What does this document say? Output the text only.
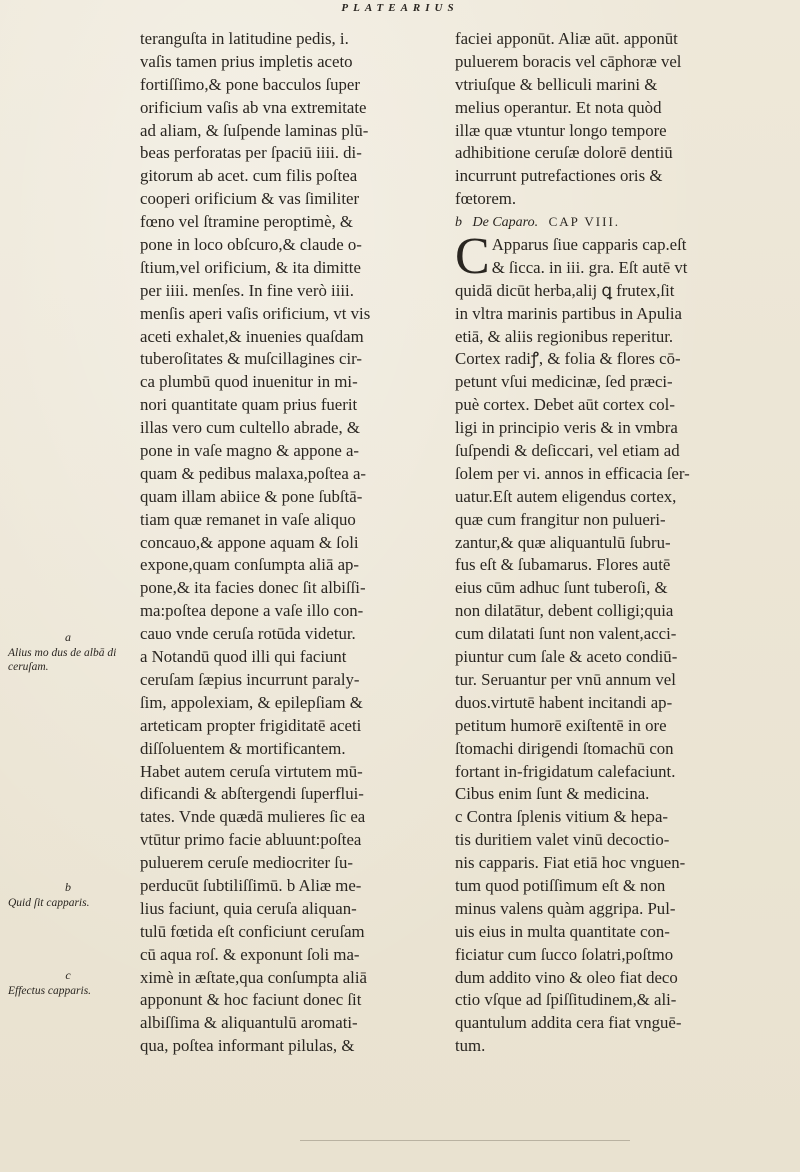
PLATEARIUS
a
Alius mo dus de albā di ceruſam.
b
Quid ſit capparis.
c
Effectus capparis.
teranguſta in latitudine pedis, i.
vaſis tamen prius impletis aceto
fortiſſimo,& pone bacculos ſuper
orificium vaſis ab vna extremitate
ad aliam, & ſuſpende laminas plū-
beas perforatas per ſpaciū iiii. di-
gitorum ab acet. cum filis poſtea
cooperi orificium & vas ſimiliter
fœno vel ſtramine peroptimè, &
pone in loco obſcuro,& claude o-
ſtium,vel orificium, & ita dimitte
per iiii. menſes. In fine verò iiii.
menſis aperi vaſis orificium, vt vis
aceti exhalet,& inuenies quaſdam
tuberoſitates & muſcillagines cir-
ca plumbū quod inuenitur in mi-
nori quantitate quam prius fuerit
illas vero cum cultello abrade, &
pone in vaſe magno & appone a-
quam & pedibus malaxa,poſtea a-
quam illam abiice & pone ſubſtā-
tiam quæ remanet in vaſe aliquo
concauo,& appone aquam & ſoli
expone,quam conſumpta aliā ap-
pone,& ita facies donec ſit albiſſi-
ma:poſtea depone a vaſe illo con-
cauo vnde ceruſa rotūda videtur.
a Notandū quod illi qui faciunt
ceruſam ſæpius incurrunt paraly-
ſim, appolexiam, & epilepſiam &
arteticam propter frigiditatē aceti
diſſoluentem & mortificantem.
Habet autem ceruſa virtutem mū-
dificandi & abſtergendi ſuperflui-
tates. Vnde quædā mulieres ſic ea
vtūtur primo facie abluunt:poſtea
puluerem ceruſe mediocriter ſu-
perducūt ſubtiliſſimū. b Aliæ me-
lius faciunt, quia ceruſa aliquan-
tulū fœtida eſt conficiunt ceruſam
cū aqua roſ. & exponunt ſoli ma-
ximè in æſtate,qua conſumpta aliā
apponunt & hoc faciunt donec ſit
albiſſima & aliquantulū aromati-
qua, poſtea informant pilulas, &
faciei apponūt. Aliæ aūt. apponūt
puluerem boracis vel cāphoræ vel
vtriuſque & belliculi marini &
melius operantur. Et nota quòd
illæ quæ vtuntur longo tempore
adhibitione ceruſæ dolorē dentiū
incurrunt putrefactiones oris &
fœtorem.
b De Caparo. CAP VIII.
C Apparus ſiue capparis cap.eſt
& ſicca. in iii. gra. Eſt autē vt
quidā dicūt herba,alij ꝗ frutex,ſit
in vltra marinis partibus in Apulia
etiā, & aliis regionibus reperitur.
Cortex radiꝭ, & folia & flores cō-
petunt vſui medicinæ, ſed præci-
puè cortex. Debet aūt cortex col-
ligi in principio veris & in vmbra
ſuſpendi & deſiccari, vel etiam ad
ſolem per vi. annos in efficacia ſer-
uatur.Eſt autem eligendus cortex,
quæ cum frangitur non pulueri-
zantur,& quæ aliquantulū ſubru-
fus eſt & ſubamarus. Flores autē
eius cūm adhuc ſunt tuberoſi, &
non dilatātur, debent colligi;quia
cum dilatati ſunt non valent,acci-
piuntur cum ſale & aceto condiū-
tur. Seruantur per vnū annum vel
duos.virtutē habent incitandi ap-
petitum humorē exiſtentē in ore
ſtomachi dirigendi ſtomachū con
fortant in-frigidatum calefaciunt.
Cibus enim ſunt & medicina.
c Contra ſplenis vitium & hepa-
tis duritiem valet vinū decoctio-
nis capparis. Fiat etiā hoc vnguen-
tum quod potiſſimum eſt & non
minus valens quàm aggripa. Pul-
uis eius in multa quantitate con-
ficiatur cum ſucco ſolatri,poſtmo
dum addito vino & oleo fiat deco
ctio vſque ad ſpiſſitudinem,& ali-
quantulum addita cera fiat vnguē-
tum.
